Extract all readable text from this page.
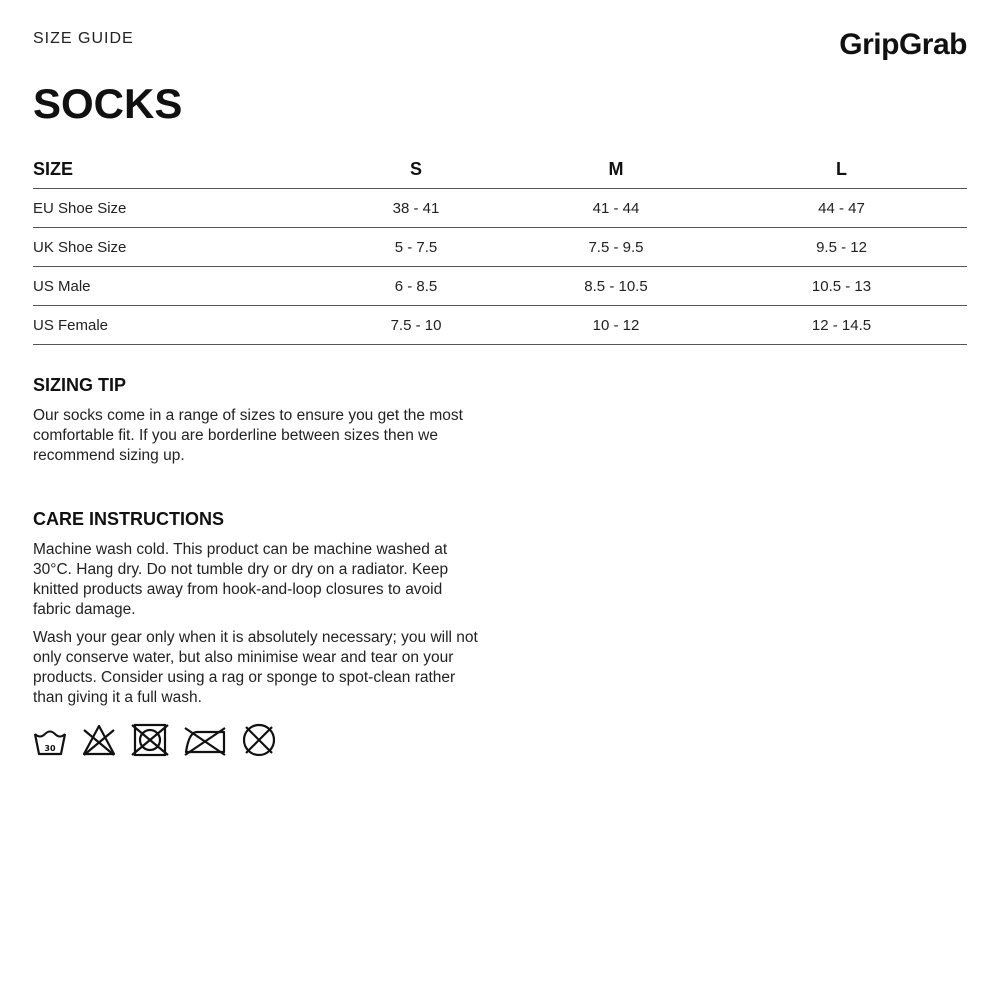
SIZE GUIDE	GripGrab
SOCKS
SIZE	S	M	L
EU Shoe Size	38 - 41	41 - 44	44 - 47
UK Shoe Size	5 - 7.5	7.5 - 9.5	9.5 - 12
US Male	6 - 8.5	8.5 - 10.5	10.5 - 13
US Female	7.5 - 10	10 - 12	12 - 14.5
SIZING TIP

Our socks come in a range of sizes to ensure you get the most comfortable fit. If you are borderline between sizes then we recommend sizing up.

CARE INSTRUCTIONS

Machine wash cold. This product can be machine washed at 30°C. Hang dry. Do not tumble dry or dry on a radiator. Keep knitted products away from hook-and-loop closures to avoid fabric damage.

Wash your gear only when it is absolutely necessary; you will not only conserve water, but also minimise wear and tear on your products. Consider using a rag or sponge to spot-clean rather than giving it a full wash.

30
